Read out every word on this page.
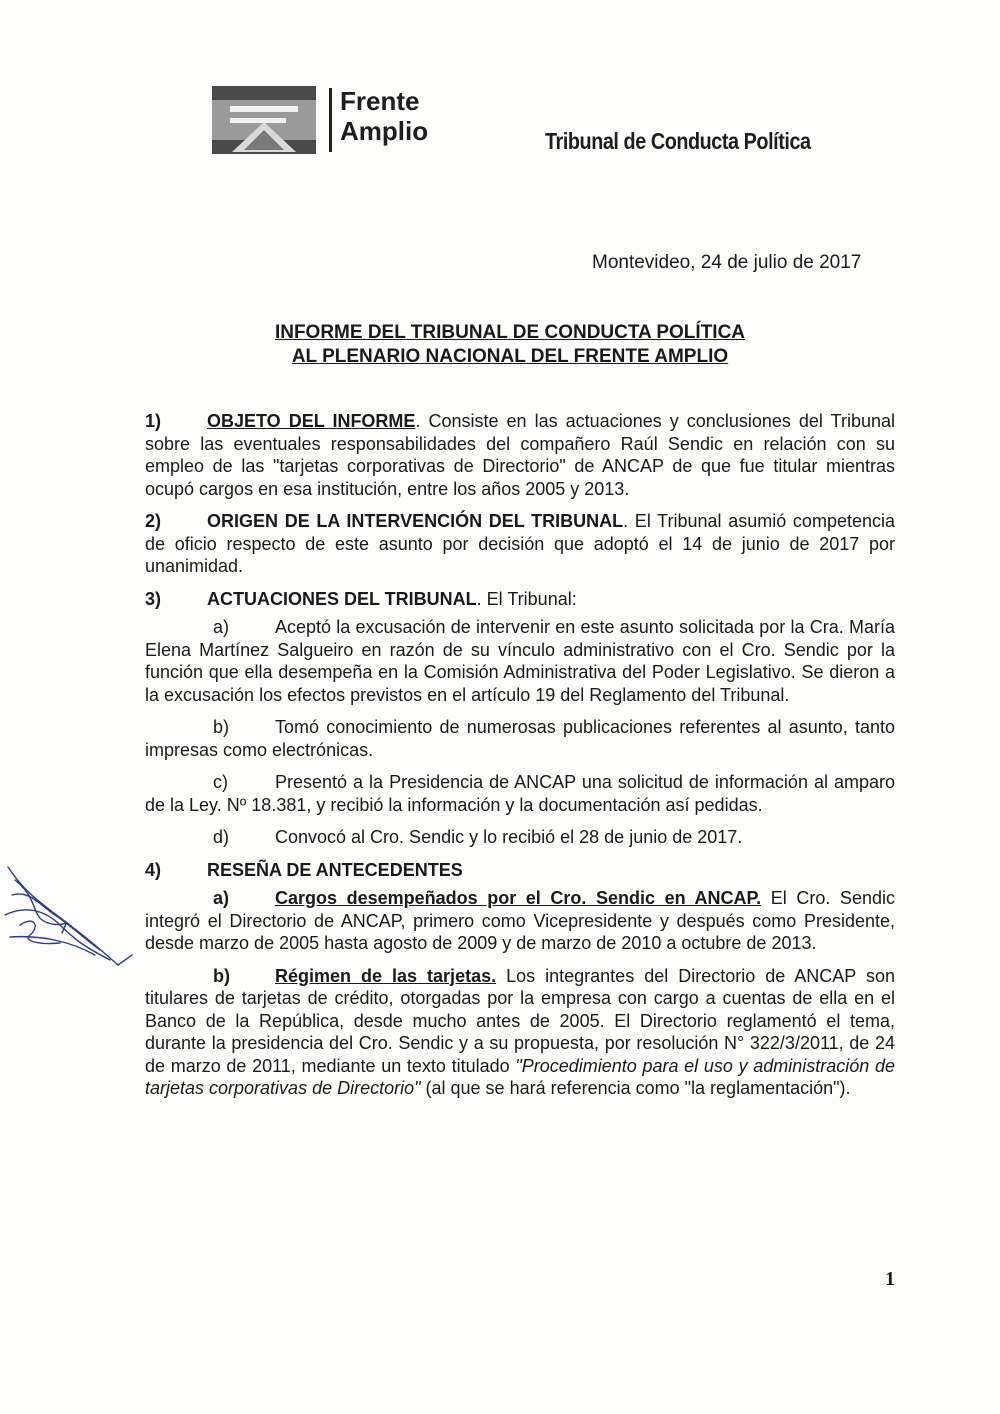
Frente
Amplio	Tribunal de Conducta Política
Montevideo, 24 de julio de 2017
INFORME DEL TRIBUNAL DE CONDUCTA POLÍTICA
AL PLENARIO NACIONAL DEL FRENTE AMPLIO

1)	OBJETO DEL INFORME. Consiste en las actuaciones y conclusiones del Tribunal sobre las eventuales responsabilidades del compañero Raúl Sendic en relación con su empleo de las "tarjetas corporativas de Directorio" de ANCAP de que fue titular mientras ocupó cargos en esa institución, entre los años 2005 y 2013.

2)	ORIGEN DE LA INTERVENCIÓN DEL TRIBUNAL. El Tribunal asumió competencia de oficio respecto de este asunto por decisión que adoptó el 14 de junio de 2017 por unanimidad.

3)	ACTUACIONES DEL TRIBUNAL. El Tribunal:

a)	Aceptó la excusación de intervenir en este asunto solicitada por la Cra. María Elena Martínez Salgueiro en razón de su vínculo administrativo con el Cro. Sendic por la función que ella desempeña en la Comisión Administrativa del Poder Legislativo. Se dieron a la excusación los efectos previstos en el artículo 19 del Reglamento del Tribunal.

b)	Tomó conocimiento de numerosas publicaciones referentes al asunto, tanto impresas como electrónicas.

c)	Presentó a la Presidencia de ANCAP una solicitud de información al amparo de la Ley. Nº 18.381, y recibió la información y la documentación así pedidas.

d)	Convocó al Cro. Sendic y lo recibió el 28 de junio de 2017.

4)	RESEÑA DE ANTECEDENTES

a)	Cargos desempeñados por el Cro. Sendic en ANCAP. El Cro. Sendic integró el Directorio de ANCAP, primero como Vicepresidente y después como Presidente, desde marzo de 2005 hasta agosto de 2009 y de marzo de 2010 a octubre de 2013.

b)	Régimen de las tarjetas. Los integrantes del Directorio de ANCAP son titulares de tarjetas de crédito, otorgadas por la empresa con cargo a cuentas de ella en el Banco de la República, desde mucho antes de 2005. El Directorio reglamentó el tema, durante la presidencia del Cro. Sendic y a su propuesta, por resolución N° 322/3/2011, de 24 de marzo de 2011, mediante un texto titulado "Procedimiento para el uso y administración de tarjetas corporativas de Directorio" (al que se hará referencia como "la reglamentación").

1
